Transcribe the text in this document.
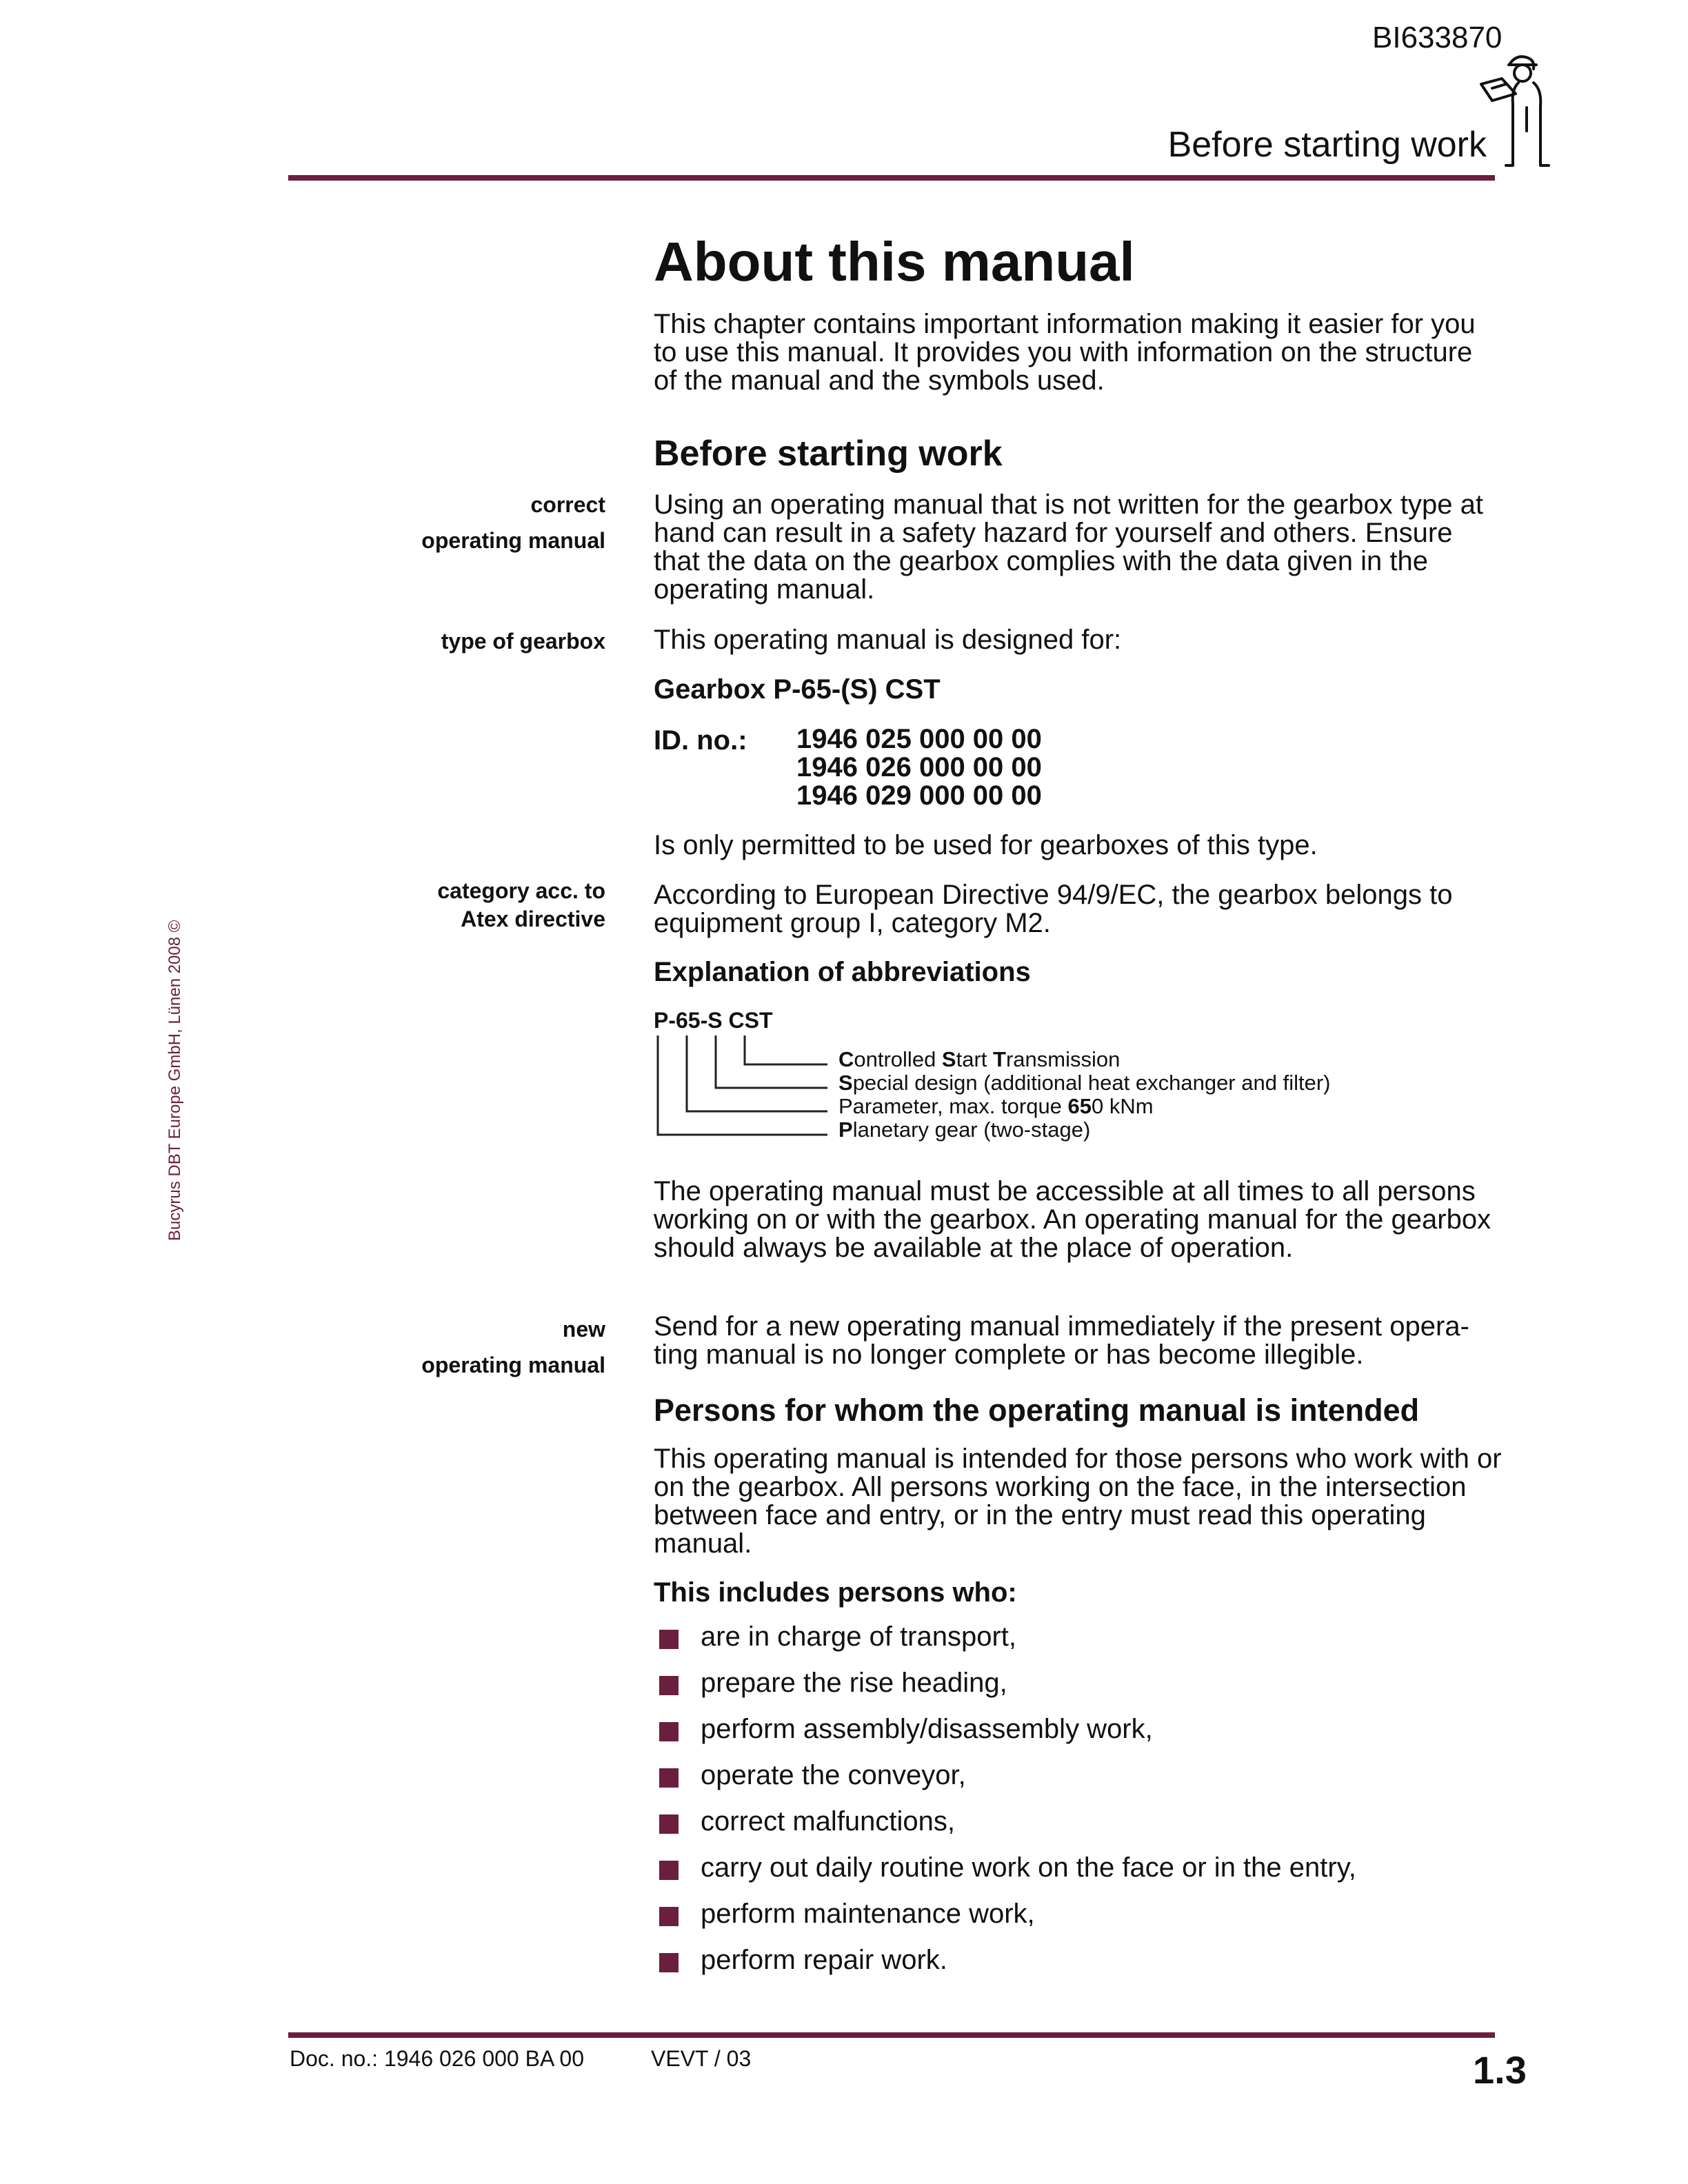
BI633870
Before starting work
Bucyrus DBT Europe GmbH, Lünen 2008 ©
About this manual
This chapter contains important information making it easier for you to use this manual. It provides you with information on the structure of the manual and the symbols used.
Before starting work
correct
operating manual
Using an operating manual that is not written for the gearbox type at hand can result in a safety hazard for yourself and others. Ensure that the data on the gearbox complies with the data given in the operating manual.
type of gearbox This operating manual is designed for:
Gearbox P-65-(S) CST
ID. no.: 1946 025 000 00 00
1946 026 000 00 00
1946 029 000 00 00
Is only permitted to be used for gearboxes of this type.
category acc. to
Atex directive
According to European Directive 94/9/EC, the gearbox belongs to equipment group I, category M2.
Explanation of abbreviations
P-65-S CST
Controlled Start Transmission
Special design (additional heat exchanger and filter)
Parameter, max. torque 650 kNm
Planetary gear (two-stage)
The operating manual must be accessible at all times to all persons working on or with the gearbox. An operating manual for the gearbox should always be available at the place of operation.
new
operating manual
Send for a new operating manual immediately if the present opera-ting manual is no longer complete or has become illegible.
Persons for whom the operating manual is intended
This operating manual is intended for those persons who work with or on the gearbox. All persons working on the face, in the intersection between face and entry, or in the entry must read this operating manual.
This includes persons who:
are in charge of transport,
prepare the rise heading,
perform assembly/disassembly work,
operate the conveyor,
correct malfunctions,
carry out daily routine work on the face or in the entry,
perform maintenance work,
perform repair work.
Doc. no.: 1946 026 000 BA 00	VEVT / 03	1.3
